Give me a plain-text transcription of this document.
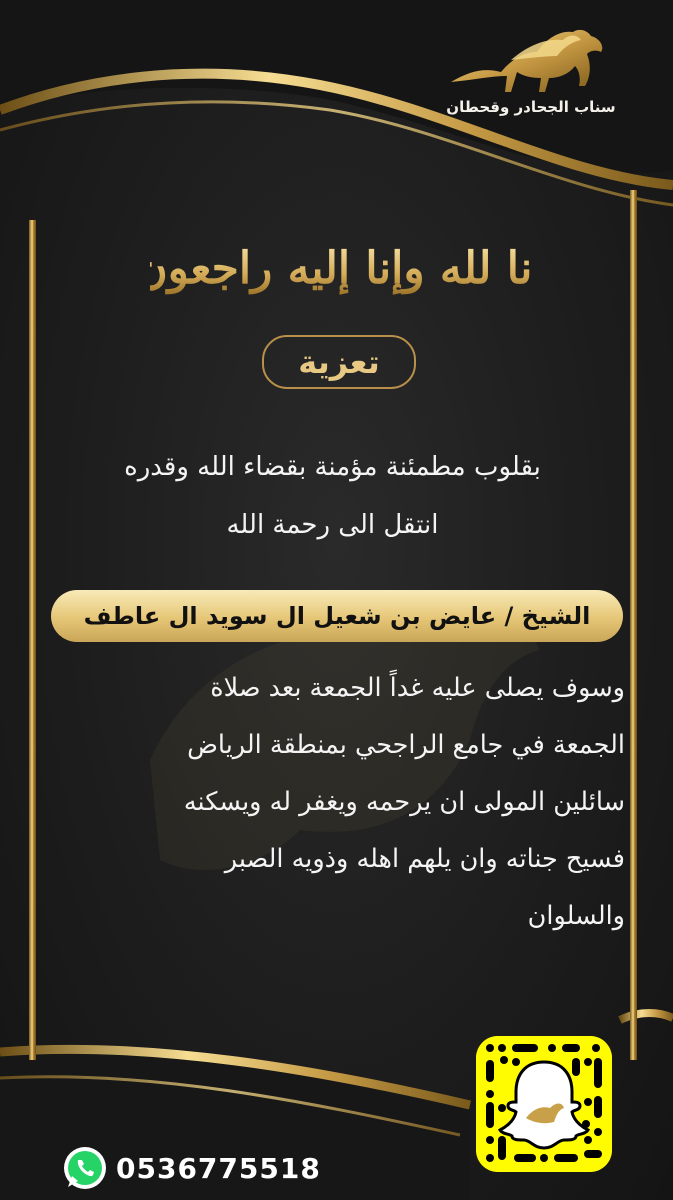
سناب الجحادر وقحطان
إنا لله وإنا إليه راجعون
تعزية
بقلوب مطمئنة مؤمنة بقضاء الله وقدره
انتقل الى رحمة الله
الشيخ / عايض بن شعيل ال سويد ال عاطف
وسوف يصلى عليه غداً الجمعة بعد صلاة
الجمعة في جامع الراجحي بمنطقة الرياض
سائلين المولى ان يرحمه ويغفر له ويسكنه
فسيح جناته وان يلهم اهله وذويه الصبر
والسلوان
0536775518
